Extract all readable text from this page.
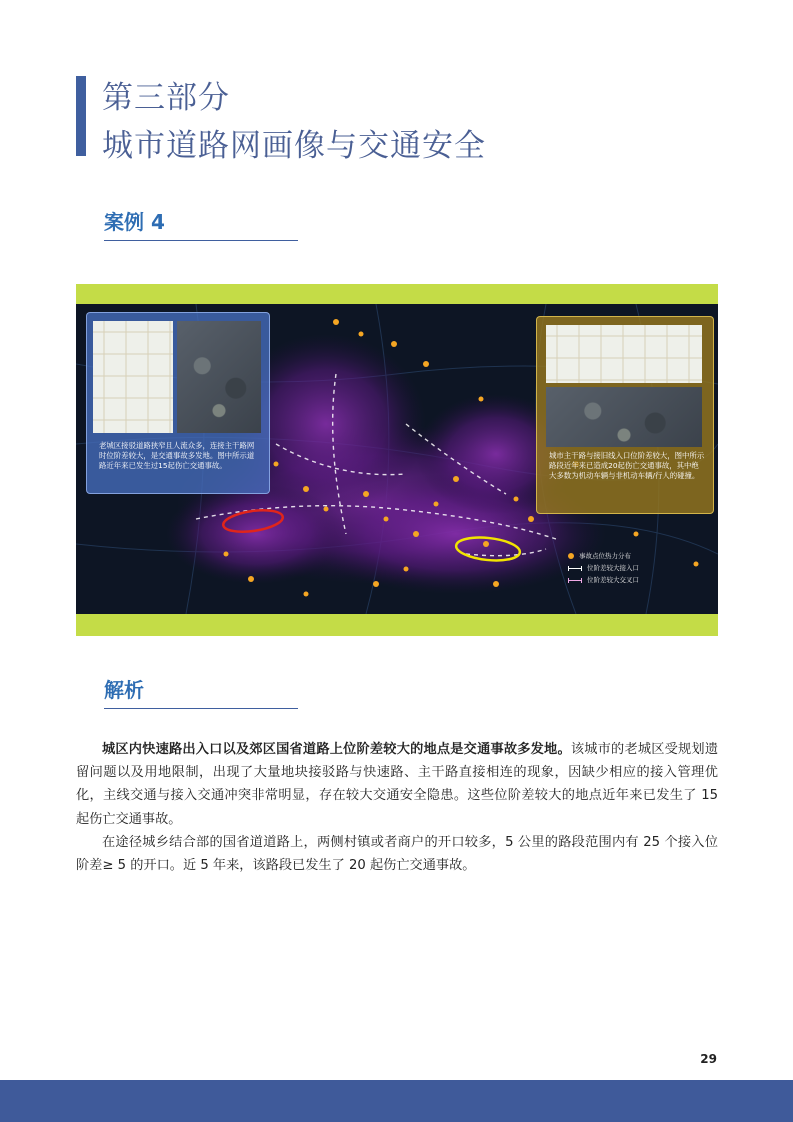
第三部分
城市道路网画像与交通安全
案例 4
老城区接驳道路狭窄且人流众多，连接主干路网时位阶差较大，是交通事故多发地。图中所示道路近年来已发生过15起伤亡交通事故。
城市主干路与接旧线入口位阶差较大，图中所示路段近年来已造成20起伤亡交通事故，其中绝大多数为机动车辆与非机动车辆/行人的碰撞。
事故点位热力分布
位阶差较大接入口
位阶差较大交叉口
解析

城区内快速路出入口以及郊区国省道路上位阶差较大的地点是交通事故多发地。该城市的老城区受规划遗留问题以及用地限制，出现了大量地块接驳路与快速路、主干路直接相连的现象，因缺少相应的接入管理优化，主线交通与接入交通冲突非常明显，存在较大交通安全隐患。这些位阶差较大的地点近年来已发生了 15 起伤亡交通事故。

在途径城乡结合部的国省道道路上，两侧村镇或者商户的开口较多，5 公里的路段范围内有 25 个接入位阶差≥ 5 的开口。近 5 年来，该路段已发生了 20 起伤亡交通事故。

29
